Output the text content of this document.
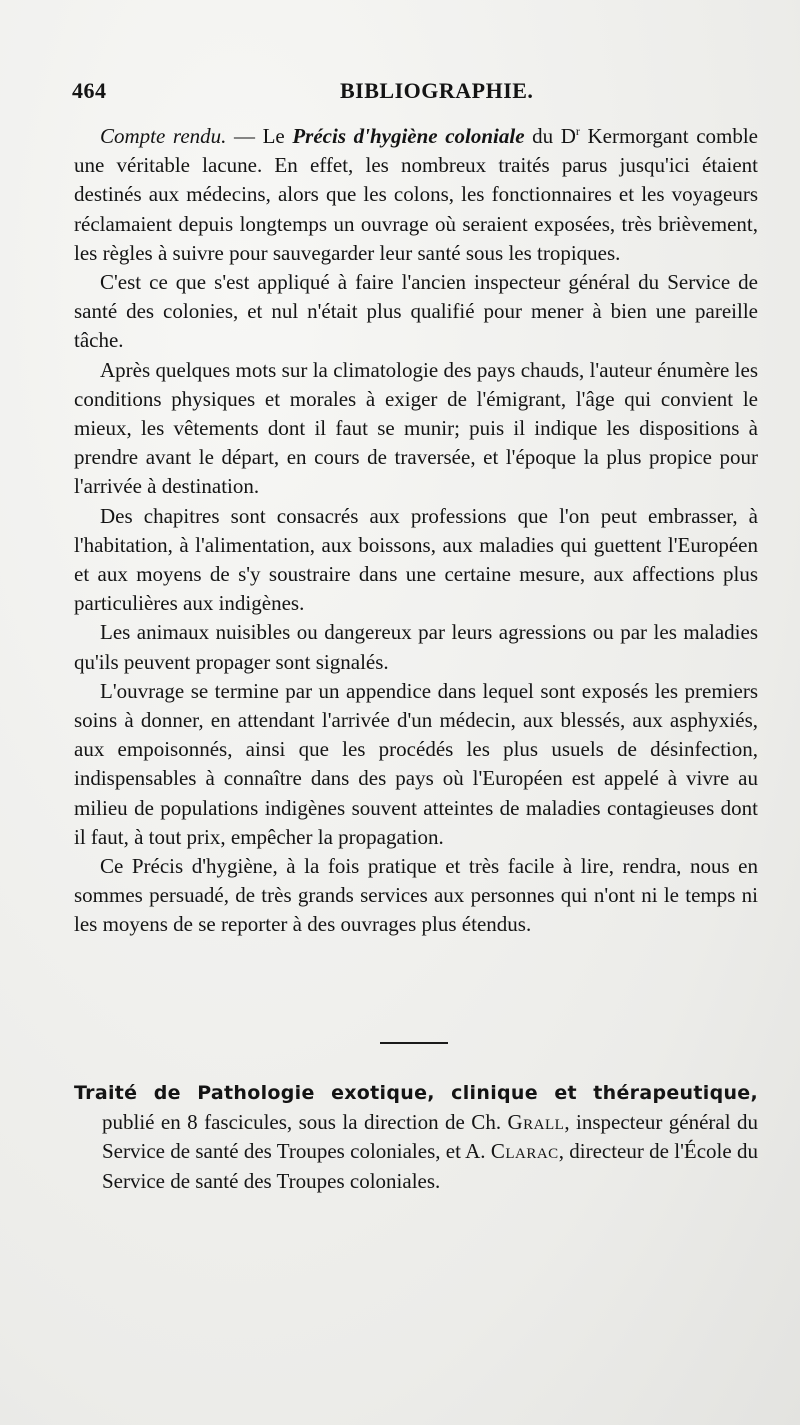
464	BIBLIOGRAPHIE.

Compte rendu. — Le Précis d'hygiène coloniale du $D^r$ Kermorgant comble une véritable lacune. En effet, les nombreux traités parus jusqu'ici étaient destinés aux médecins, alors que les colons, les fonctionnaires et les voyageurs réclamaient depuis longtemps un ouvrage où seraient exposées, très brièvement, les règles à suivre pour sauvegarder leur santé sous les tropiques.

C'est ce que s'est appliqué à faire l'ancien inspecteur général du Service de santé des colonies, et nul n'était plus qualifié pour mener à bien une pareille tâche.

Après quelques mots sur la climatologie des pays chauds, l'auteur énumère les conditions physiques et morales à exiger de l'émigrant, l'âge qui convient le mieux, les vêtements dont il faut se munir; puis il indique les dispositions à prendre avant le départ, en cours de traversée, et l'époque la plus propice pour l'arrivée à destination.

Des chapitres sont consacrés aux professions que l'on peut embrasser, à l'habitation, à l'alimentation, aux boissons, aux maladies qui guettent l'Européen et aux moyens de s'y soustraire dans une certaine mesure, aux affections plus particulières aux indigènes.

Les animaux nuisibles ou dangereux par leurs agressions ou par les maladies qu'ils peuvent propager sont signalés.

L'ouvrage se termine par un appendice dans lequel sont exposés les premiers soins à donner, en attendant l'arrivée d'un médecin, aux blessés, aux asphyxiés, aux empoisonnés, ainsi que les procédés les plus usuels de désinfection, indispensables à connaître dans des pays où l'Européen est appelé à vivre au milieu de populations indigènes souvent atteintes de maladies contagieuses dont il faut, à tout prix, empêcher la propagation.

Ce Précis d'hygiène, à la fois pratique et très facile à lire, rendra, nous en sommes persuadé, de très grands services aux personnes qui n'ont ni le temps ni les moyens de se reporter à des ouvrages plus étendus.

Traité de Pathologie exotique, clinique et thérapeutique, publié en 8 fascicules, sous la direction de Ch. Grall, inspecteur général du Service de santé des Troupes coloniales, et A. Clarac, directeur de l'École du Service de santé des Troupes coloniales.
